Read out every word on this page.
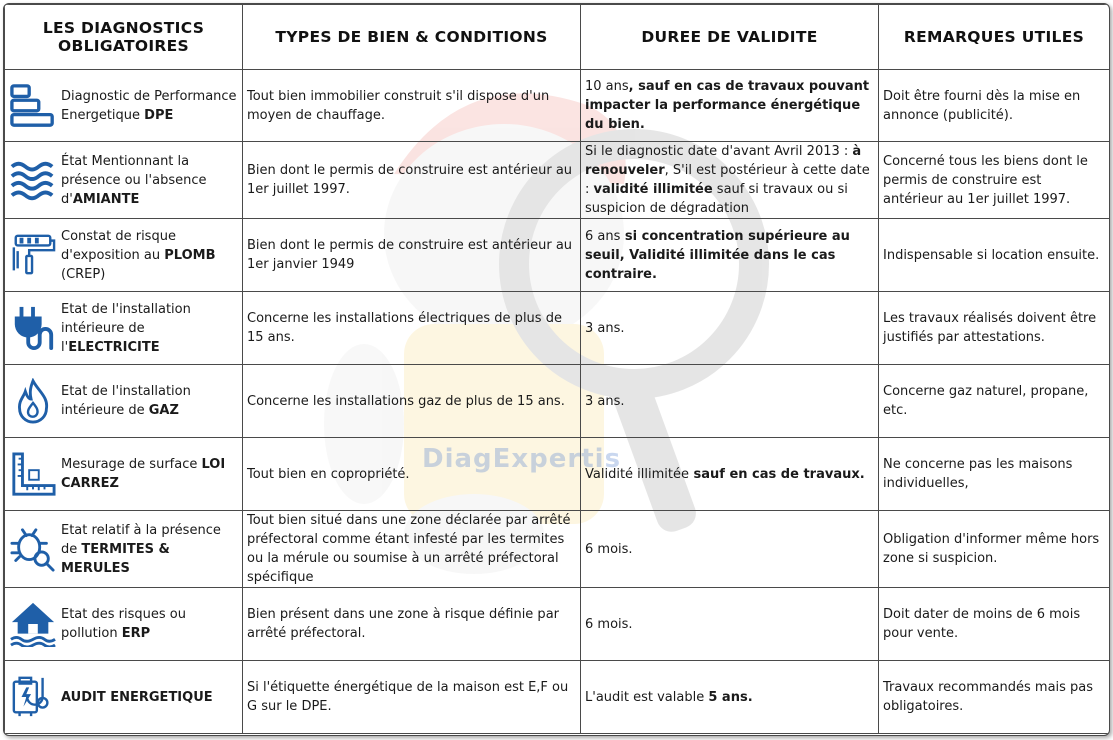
DiagExpertis
LES DIAGNOSTICS OBLIGATOIRES	TYPES DE BIEN & CONDITIONS	DUREE DE VALIDITE	REMARQUES UTILES

Diagnostic de Performance Energetique DPE	Tout bien immobilier construit s'il dispose d'un moyen de chauffage.	10 ans, sauf en cas de travaux pouvant impacter la performance énergétique du bien.	Doit être fourni dès la mise en annonce (publicité).

État Mentionnant la présence ou l'absence d'AMIANTE	Bien dont le permis de construire est antérieur au 1er juillet 1997.	Si le diagnostic date d'avant Avril 2013 : à renouveler, S'il est postérieur à cette date : validité illimitée sauf si travaux ou si suspicion de dégradation	Concerné tous les biens dont le permis de construire est antérieur au 1er juillet 1997.

Constat de risque d'exposition au PLOMB (CREP)	Bien dont le permis de construire est antérieur au 1er janvier 1949	6 ans si concentration supérieure au seuil, Validité illimitée dans le cas contraire.	Indispensable si location ensuite.

Etat de l'installation intérieure de l'ELECTRICITE	Concerne les installations électriques de plus de 15 ans.	3 ans.	Les travaux réalisés doivent être justifiés par attestations.

Etat de l'installation intérieure de GAZ	Concerne les installations gaz de plus de 15 ans.	3 ans.	Concerne gaz naturel, propane, etc.

Mesurage de surface LOI CARREZ	Tout bien en copropriété.	Validité illimitée sauf en cas de travaux.	Ne concerne pas les maisons individuelles,

Etat relatif à la présence de TERMITES & MERULES	Tout bien situé dans une zone déclarée par arrêté préfectoral comme étant infesté par les termites ou la mérule ou soumise à un arrêté préfectoral spécifique	6 mois.	Obligation d'informer même hors zone si suspicion.

Etat des risques ou pollution ERP	Bien présent dans une zone à risque définie par arrêté préfectoral.	6 mois.	Doit dater de moins de 6 mois pour vente.

AUDIT ENERGETIQUE	Si l'étiquette énergétique de la maison est E,F ou G sur le DPE.	L'audit est valable 5 ans.	Travaux recommandés mais pas obligatoires.
